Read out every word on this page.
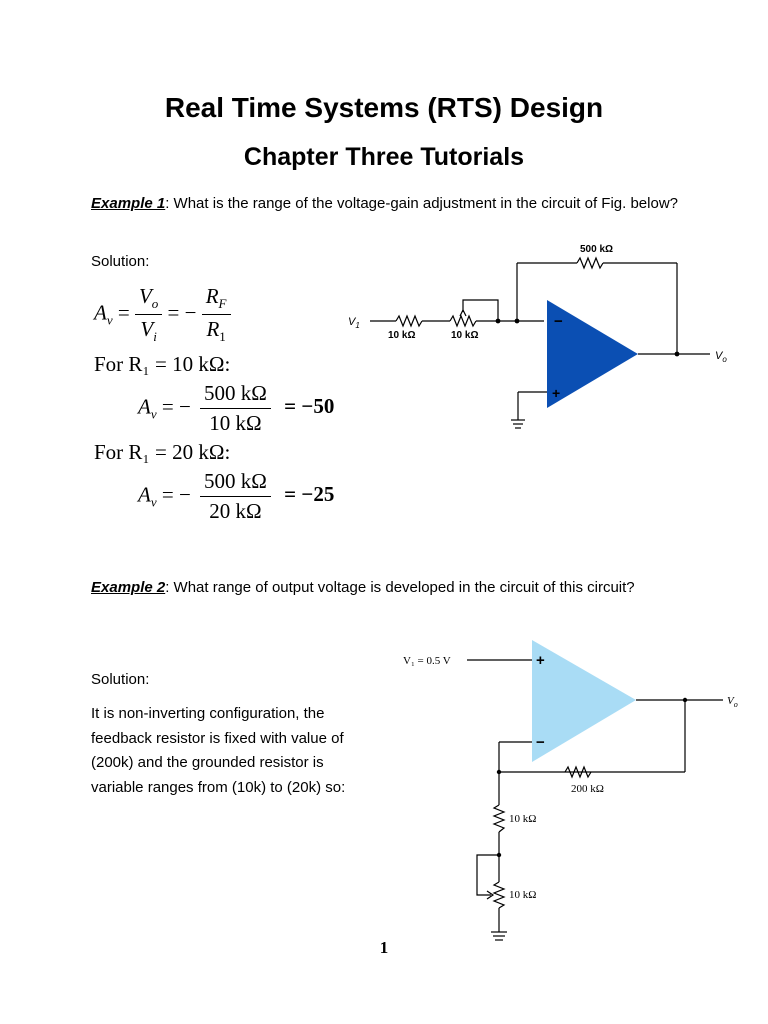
Real Time Systems (RTS) Design
Chapter Three Tutorials
Example 1: What is the range of the voltage-gain adjustment in the circuit of Fig. below?
Solution:
$A_v = \frac{V_o}{V_i}$ = − $\frac{R_F}{R_1}$
For R₁ = 10 kΩ:
$A_v$ = − $\frac{500 k\Omega}{10 k\Omega} = -50$
For R₁ = 20 kΩ:
$A_v$ = − $\frac{500 k\Omega}{20 k\Omega} = -25$
−
+
500 kΩ
10 kΩ	10 kΩ
$V_1$
$V_o$
Example 2: What range of output voltage is developed in the circuit of this circuit?
Solution:
It is non-inverting configuration, the feedback resistor is fixed with value of (200k) and the grounded resistor is variable ranges from (10k) to (20k) so:
+
−
V₁ = 0.5 V
$V_o$
200 kΩ
10 kΩ
10 kΩ
1
